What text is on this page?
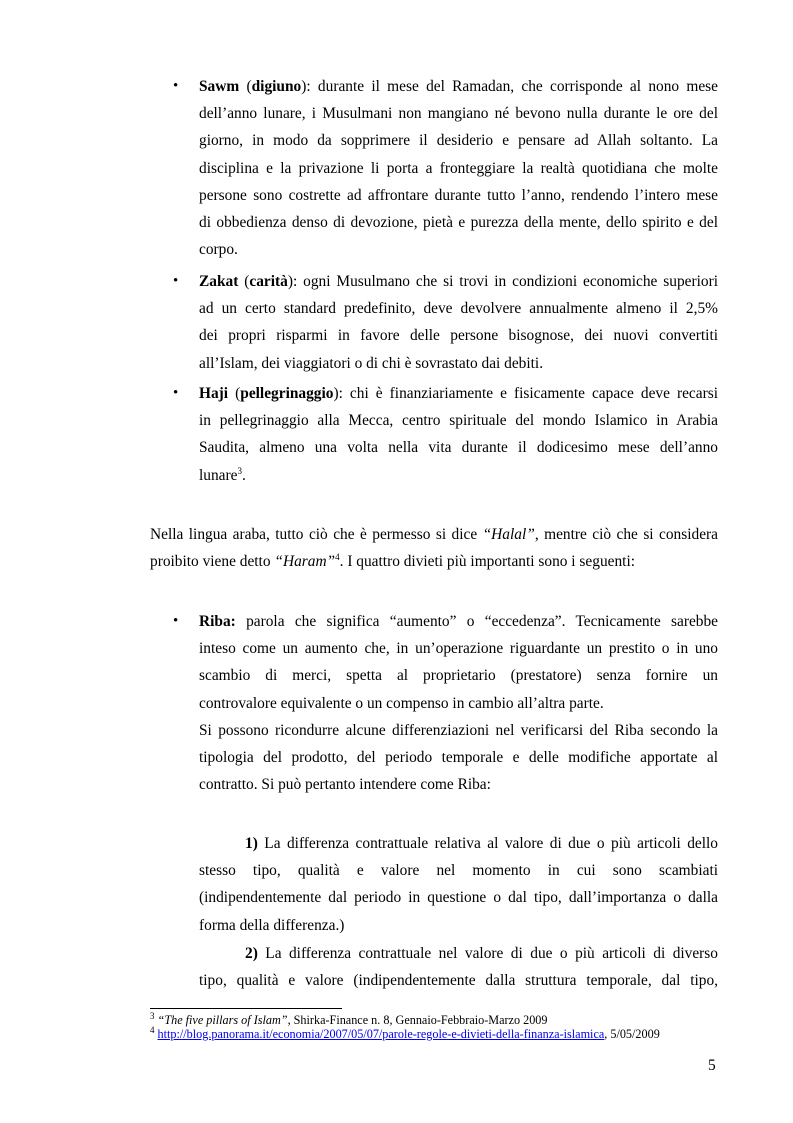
• Sawm (digiuno): durante il mese del Ramadan, che corrisponde al nono mese
dell’anno lunare, i Musulmani non mangiano né bevono nulla durante le ore del
giorno, in modo da sopprimere il desiderio e pensare ad Allah soltanto. La
disciplina e la privazione li porta a fronteggiare la realtà quotidiana che molte
persone sono costrette ad affrontare durante tutto l’anno, rendendo l’intero mese
di obbedienza denso di devozione, pietà e purezza della mente, dello spirito e del
corpo.
• Zakat (carità): ogni Musulmano che si trovi in condizioni economiche superiori
ad un certo standard predefinito, deve devolvere annualmente almeno il 2,5%
dei propri risparmi in favore delle persone bisognose, dei nuovi convertiti
all’Islam, dei viaggiatori o di chi è sovrastato dai debiti.
• Haji (pellegrinaggio): chi è finanziariamente e fisicamente capace deve recarsi
in pellegrinaggio alla Mecca, centro spirituale del mondo Islamico in Arabia
Saudita, almeno una volta nella vita durante il dodicesimo mese dell’anno
lunare$^3$.
Nella lingua araba, tutto ciò che è permesso si dice “Halal”, mentre ciò che si considera
proibito viene detto “Haram”$^4$. I quattro divieti più importanti sono i seguenti:
• Riba: parola che significa “aumento” o “eccedenza”. Tecnicamente sarebbe
inteso come un aumento che, in un’operazione riguardante un prestito o in uno
scambio di merci, spetta al proprietario (prestatore) senza fornire un
controvalore equivalente o un compenso in cambio all’altra parte.
Si possono ricondurre alcune differenziazioni nel verificarsi del Riba secondo la
tipologia del prodotto, del periodo temporale e delle modifiche apportate al
contratto. Si può pertanto intendere come Riba:
1) La differenza contrattuale relativa al valore di due o più articoli dello
stesso tipo, qualità e valore nel momento in cui sono scambiati
(indipendentemente dal periodo in questione o dal tipo, dall’importanza o dalla
forma della differenza.)
2) La differenza contrattuale nel valore di due o più articoli di diverso
tipo, qualità e valore (indipendentemente dalla struttura temporale, dal tipo,
$^3$ “The five pillars of Islam”, Shirka-Finance n. 8, Gennaio-Febbraio-Marzo 2009
$^4$ http://blog.panorama.it/economia/2007/05/07/parole-regole-e-divieti-della-finanza-islamica, 5/05/2009
5
